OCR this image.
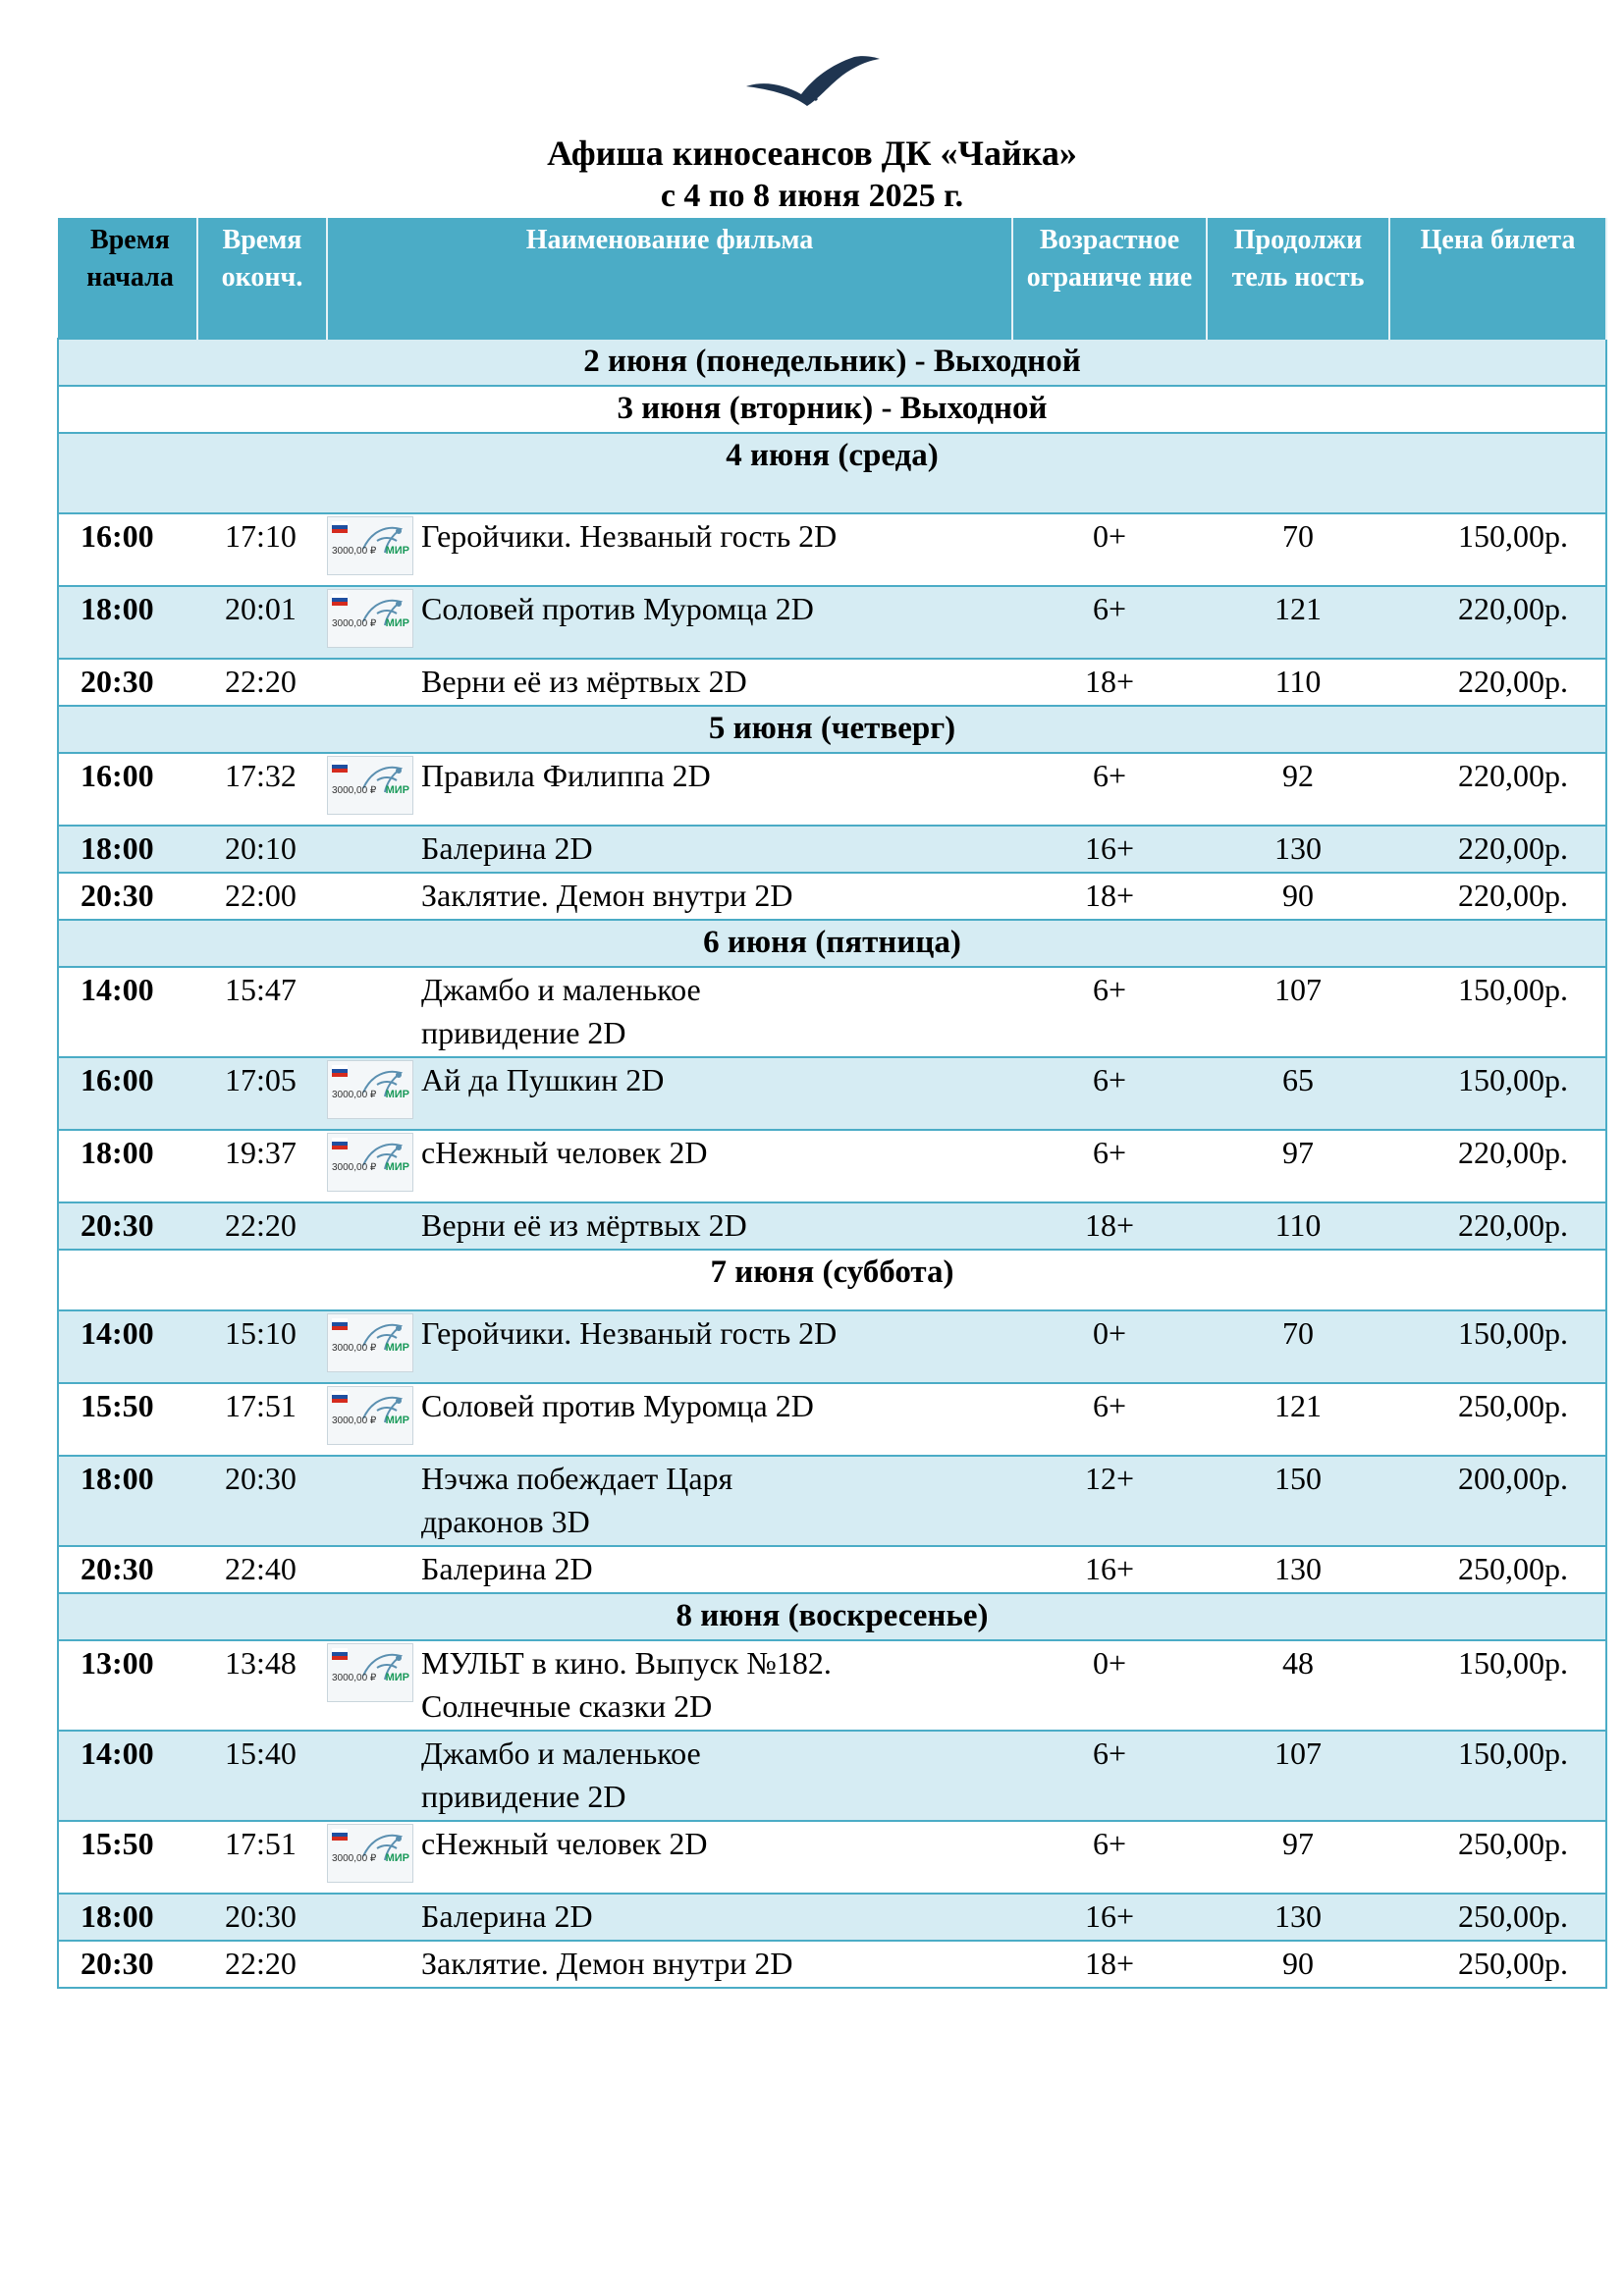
Афиша киносеансов ДК «Чайка»
с 4 по 8 июня 2025 г.
Время начала	Время оконч.	Наименование фильма	Возрастное ограниче ние	Продолжи тель ность	Цена билета
2 июня (понедельник) - Выходной					
3 июня (вторник) - Выходной					
4 июня (среда)					
16:00	17:10	3000,00 ₽ МИР Геройчики. Незваный гость 2D	0+	70	150,00р.
18:00	20:01	3000,00 ₽ МИР Соловей против Муромца 2D	6+	121	220,00р.
20:30	22:20	Верни её из мёртвых 2D	18+	110	220,00р.
5 июня (четверг)					
16:00	17:32	3000,00 ₽ МИР Правила Филиппа 2D	6+	92	220,00р.
18:00	20:10	Балерина 2D	16+	130	220,00р.
20:30	22:00	Заклятие. Демон внутри 2D	18+	90	220,00р.
6 июня (пятница)					
14:00	15:47	Джамбо и маленькое
привидение 2D	6+	107	150,00р.
16:00	17:05	3000,00 ₽ МИР Ай да Пушкин 2D	6+	65	150,00р.
18:00	19:37	3000,00 ₽ МИР сНежный человек 2D	6+	97	220,00р.
20:30	22:20	Верни её из мёртвых 2D	18+	110	220,00р.
7 июня (суббота)					
14:00	15:10	3000,00 ₽ МИР Геройчики. Незваный гость 2D	0+	70	150,00р.
15:50	17:51	3000,00 ₽ МИР Соловей против Муромца 2D	6+	121	250,00р.
18:00	20:30	Нэчжа побеждает Царя
драконов 3D	12+	150	200,00р.
20:30	22:40	Балерина 2D	16+	130	250,00р.
8 июня (воскресенье)					
13:00	13:48	3000,00 ₽ МИР МУЛЬТ в кино. Выпуск №182.
Солнечные сказки 2D	0+	48	150,00р.
14:00	15:40	Джамбо и маленькое
привидение 2D	6+	107	150,00р.
15:50	17:51	3000,00 ₽ МИР сНежный человек 2D	6+	97	250,00р.
18:00	20:30	Балерина 2D	16+	130	250,00р.
20:30	22:20	Заклятие. Демон внутри 2D	18+	90	250,00р.
